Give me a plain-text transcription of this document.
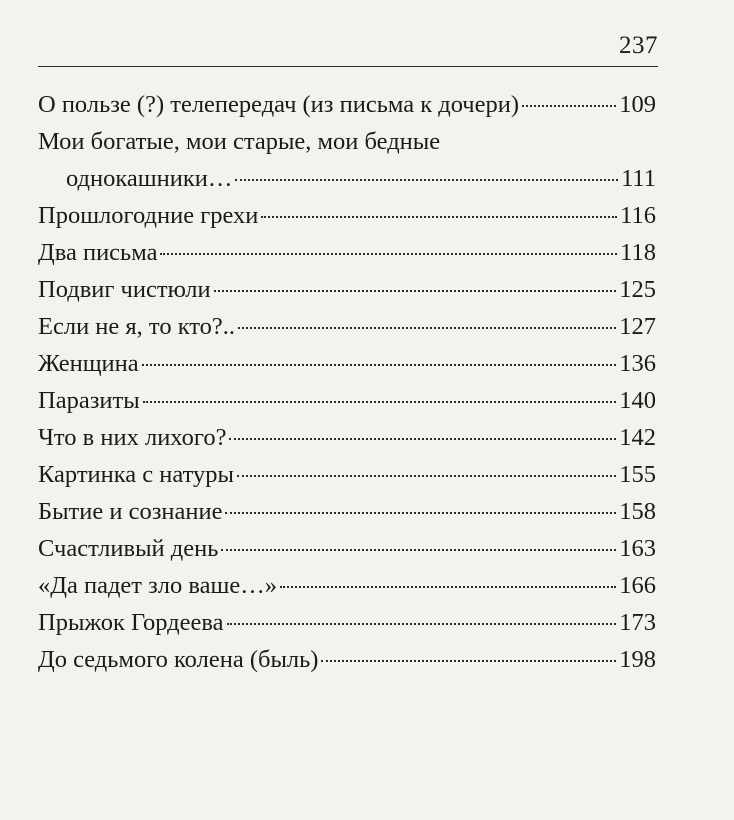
237
О пользе (?) телепередач (из письма к дочери)	109
Мои богатые, мои старые, мои бедные
однокашники…	111
Прошлогодние грехи	116
Два письма	118
Подвиг чистюли	125
Если не я, то кто?..	127
Женщина	136
Паразиты	140
Что в них лихого?	142
Картинка с натуры	155
Бытие и сознание	158
Счастливый день	163
«Да падет зло ваше…»	166
Прыжок Гордеева	173
До седьмого колена (быль)	198
